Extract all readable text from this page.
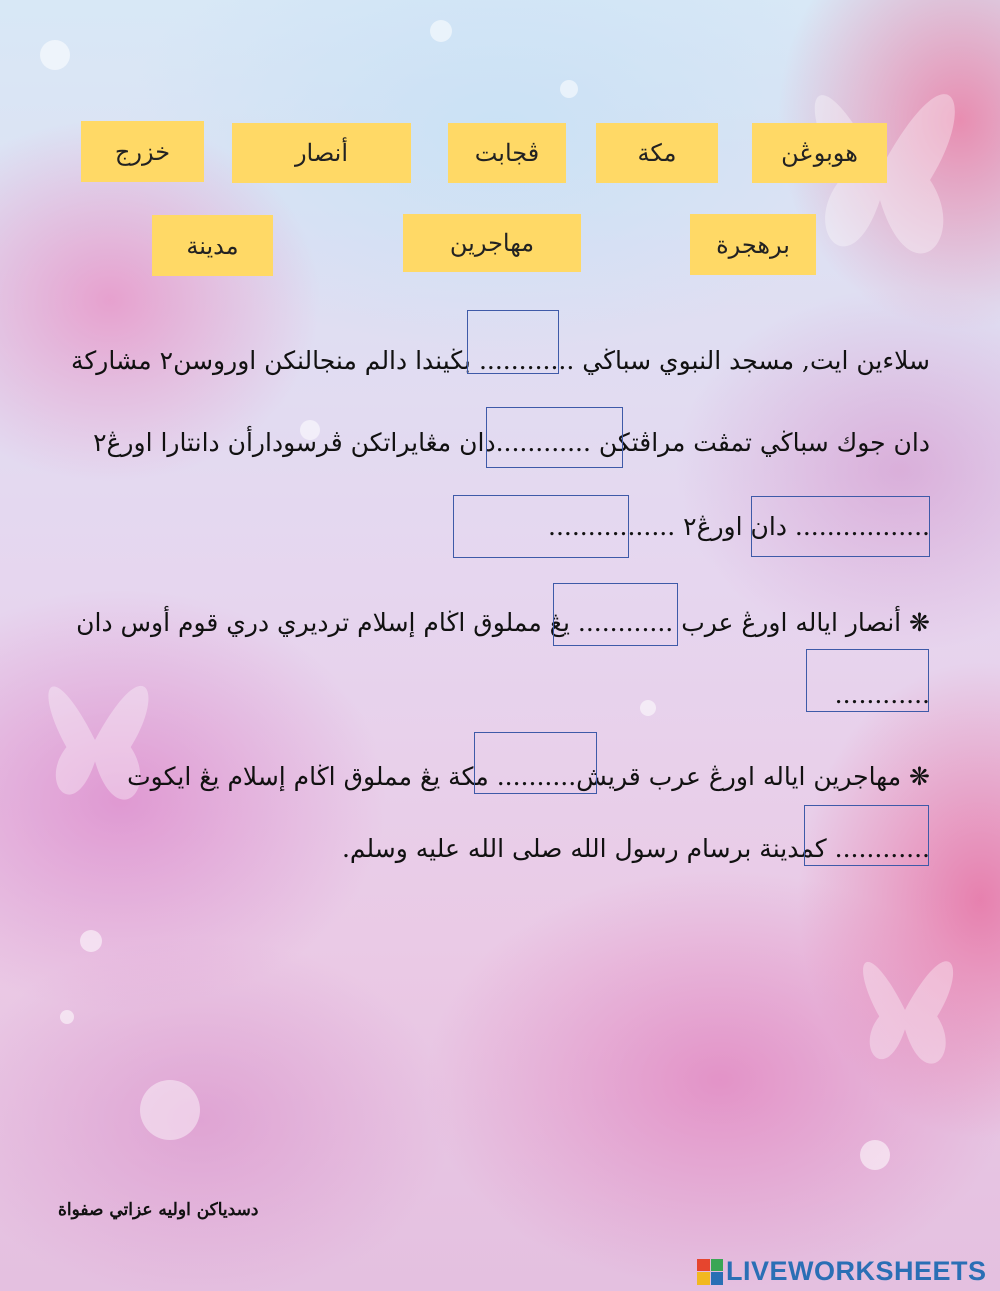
هوبوڠن
مكة
ڤجابت
أنصار
خزرج
برهجرة
مهاجرين
مدينة
سلاءين ايت, مسجد النبوي سباڬي ............ بڬيندا دالم منجالنكن اوروسن٢ مشاركة
دان جوك سباڬي تمڤت مراڤتكن ............دان مڠايراتكن ڤرسودارأن دانتارا اورڠ٢
................. دان اورڠ٢ ................
❋ أنصار اياله اورڠ عرب ............ يڠ مملوق اڬام إسلام ترديري دري قوم أوس دان
............
❋ مهاجرين اياله اورڠ عرب قريش.......... مكة يڠ مملوق اڬام إسلام يڠ ايكوت
............ كمدينة برسام رسول الله صلى الله عليه وسلم.
دسدياكن اوليه عزاتي صفوا‌ة
LIVEWORKSHEETS
